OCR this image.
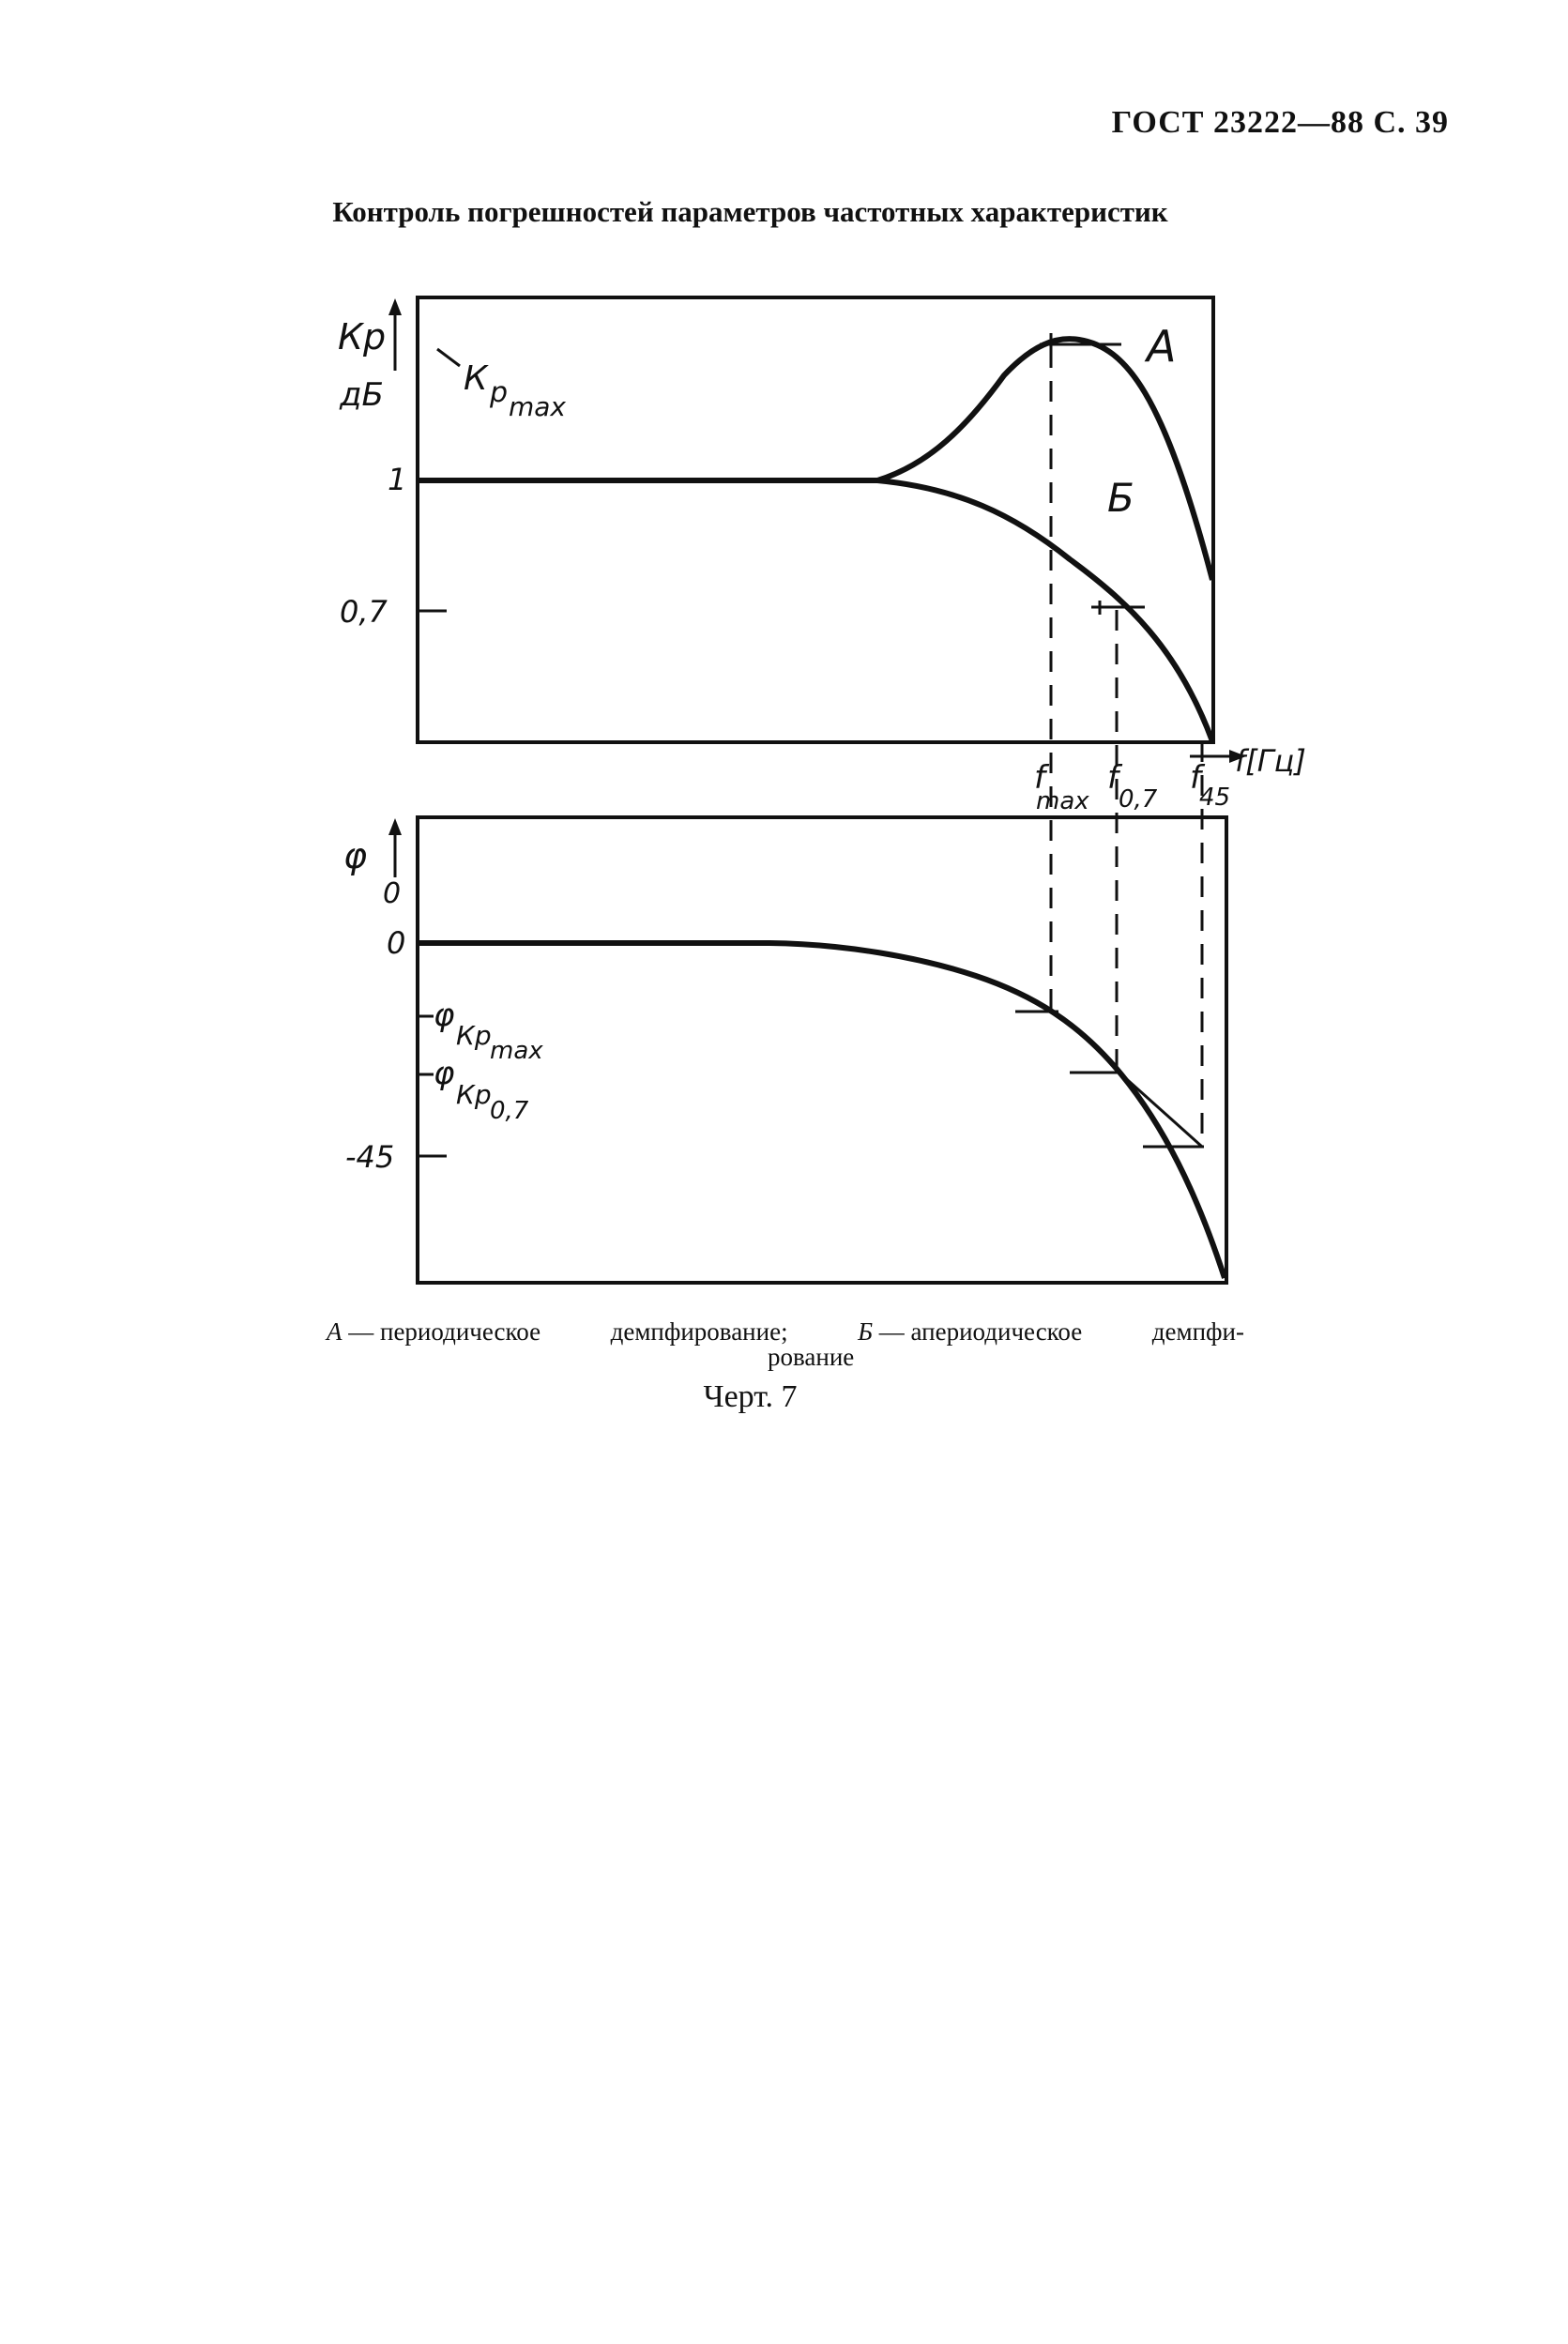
ГОСТ 23222—88 С. 39
Контроль погрешностей параметров частотных характеристик
Кр
дБ К р max
1
0,7
А
Б
f[Гц]
f
max
f
0,7
f
45
φ
0
0
φ
Кр
max
φ
Кр
0,7
-45
А — периодическое	демпфирование;	Б — апериодическое	демпфи-
рование
Черт. 7
